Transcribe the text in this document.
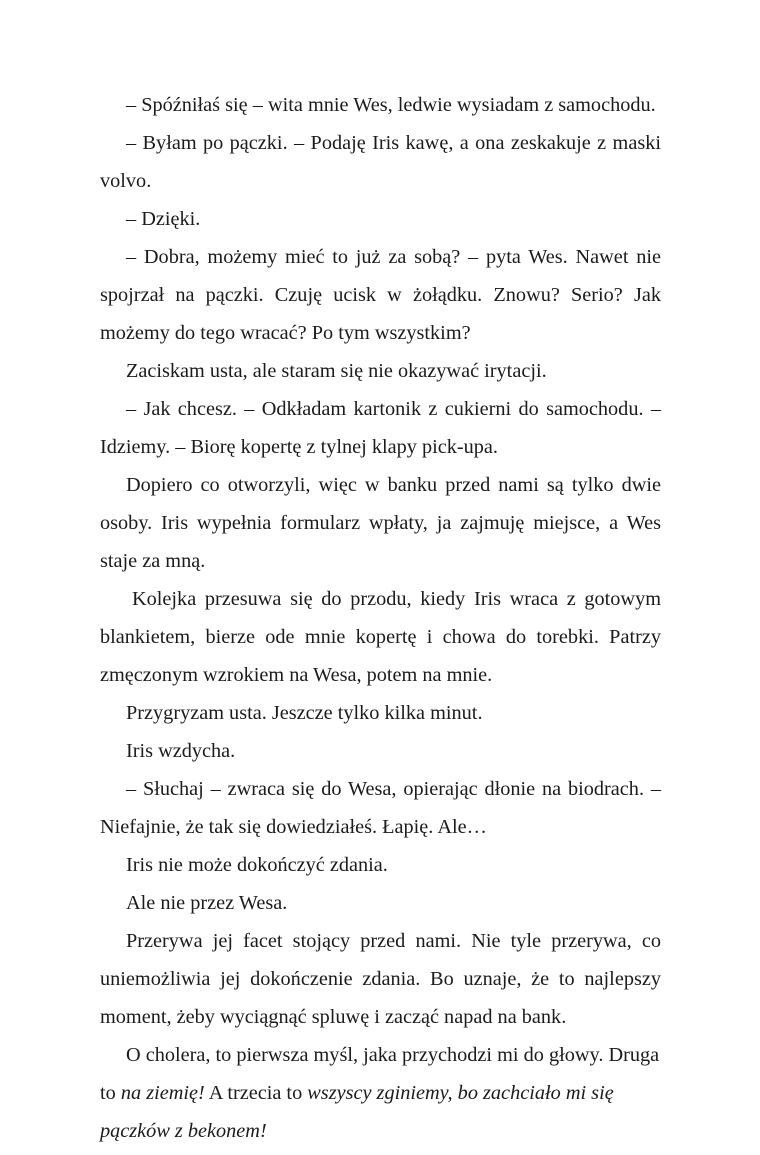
– Spóźniłaś się – wita mnie Wes, ledwie wysiadam z samochodu.

– Byłam po pączki. – Podaję Iris kawę, a ona zeskakuje z maski volvo.

– Dzięki.

– Dobra, możemy mieć to już za sobą? – pyta Wes. Nawet nie spojrzał na pączki. Czuję ucisk w żołądku. Znowu? Serio? Jak możemy do tego wracać? Po tym wszystkim?

Zaciskam usta, ale staram się nie okazywać irytacji.

– Jak chcesz. – Odkładam kartonik z cukierni do samochodu. – Idziemy. – Biorę kopertę z tylnej klapy pick-upa.

Dopiero co otworzyli, więc w banku przed nami są tylko dwie osoby. Iris wypełnia formularz wpłaty, ja zajmuję miejsce, a Wes staje za mną.

Kolejka przesuwa się do przodu, kiedy Iris wraca z gotowym blankietem, bierze ode mnie kopertę i chowa do torebki. Patrzy zmęczonym wzrokiem na Wesa, potem na mnie.

Przygryzam usta. Jeszcze tylko kilka minut.

Iris wzdycha.

– Słuchaj – zwraca się do Wesa, opierając dłonie na biodrach. – Niefajnie, że tak się dowiedziałeś. Łapię. Ale…

Iris nie może dokończyć zdania.

Ale nie przez Wesa.

Przerywa jej facet stojący przed nami. Nie tyle przerywa, co uniemożliwia jej dokończenie zdania. Bo uznaje, że to najlepszy moment, żeby wyciągnąć spluwę i zacząć napad na bank.

O cholera, to pierwsza myśl, jaka przychodzi mi do głowy. Druga to na ziemię! A trzecia to wszyscy zginiemy, bo zachciało mi się pączków z bekonem!
